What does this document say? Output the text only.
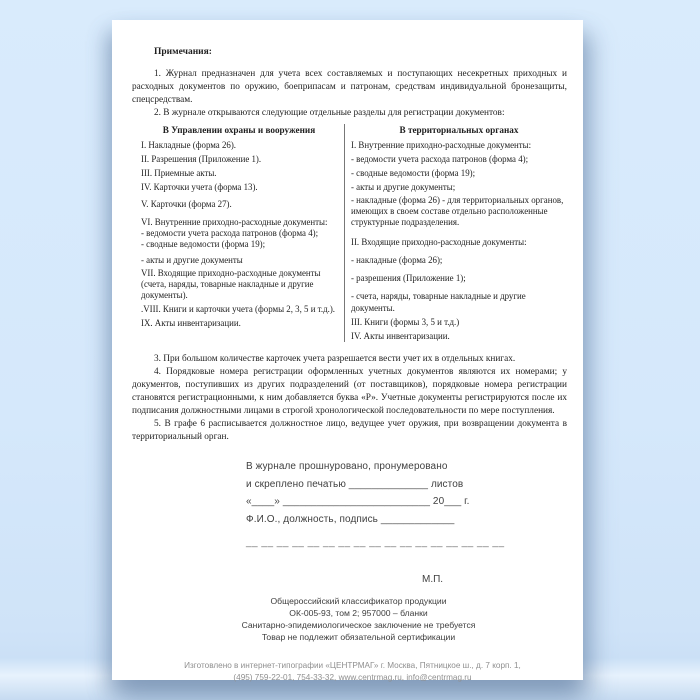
Примечания:
1. Журнал предназначен для учета всех составляемых и поступающих несекретных приходных и расходных документов по оружию, боеприпасам и патронам, средствам индивидуальной бронезащиты, спецсредствам.
2. В журнале открываются следующие отдельные разделы для регистрации документов:
В Управлении охраны и вооружения
I. Накладные (форма 26).
II. Разрешения (Приложение 1).
III. Приемные акты.
IV. Карточки учета (форма 13).
V. Карточки (форма 27).
VI. Внутренние приходно-расходные документы:
- ведомости учета расхода патронов (форма 4);
- сводные ведомости (форма 19);
- акты и другие документы
VII. Входящие приходно-расходные документы (счета, наряды, товарные накладные и другие документы).
.VIII. Книги и карточки учета (формы 2, 3, 5 и т.д.).
IX. Акты инвентаризации.
В территориальных органах
I. Внутренние приходно-расходные документы:
- ведомости учета расхода патронов (форма 4);
- сводные ведомости (форма 19);
- акты и другие документы;
- накладные (форма 26) - для территориальных органов, имеющих в своем составе отдельно расположенные структурные подразделения.
II. Входящие приходно-расходные документы:
- накладные (форма 26);
- разрешения (Приложение 1);
- счета, наряды, товарные накладные и другие документы.
III. Книги (формы 3, 5 и т.д.)
IV. Акты инвентаризации.
3. При большом количестве карточек учета разрешается вести учет их в отдельных книгах.
4. Порядковые номера регистрации оформленных учетных документов являются их номерами; у документов, поступивших из других подразделений (от поставщиков), порядковые номера регистрации становятся регистрационными, к ним добавляется буква «Р». Учетные документы регистрируются после их подписания должностными лицами в строгой хронологической последовательности по мере поступления.
5. В графе 6 расписывается должностное лицо, ведущее учет оружия, при возвращении документа в территориальный орган.
В журнале прошнуровано, пронумеровано
и скреплено печатью ______________ листов
«____» __________________________ 20___ г.
Ф.И.О., должность, подпись _____________
__ __ __ __ __ __ __ __ __ __ __ __ __ __ __ __ __
М.П.
Общероссийский классификатор продукции
ОК-005-93, том 2; 957000 – бланки
Санитарно-эпидемиологическое заключение не требуется
Товар не подлежит обязательной сертификации
Изготовлено в интернет-типографии «ЦЕНТРМАГ» г. Москва, Пятницкое ш., д. 7 корп. 1,
(495) 759-22-01, 754-33-32, www.centrmag.ru, info@centrmag.ru
